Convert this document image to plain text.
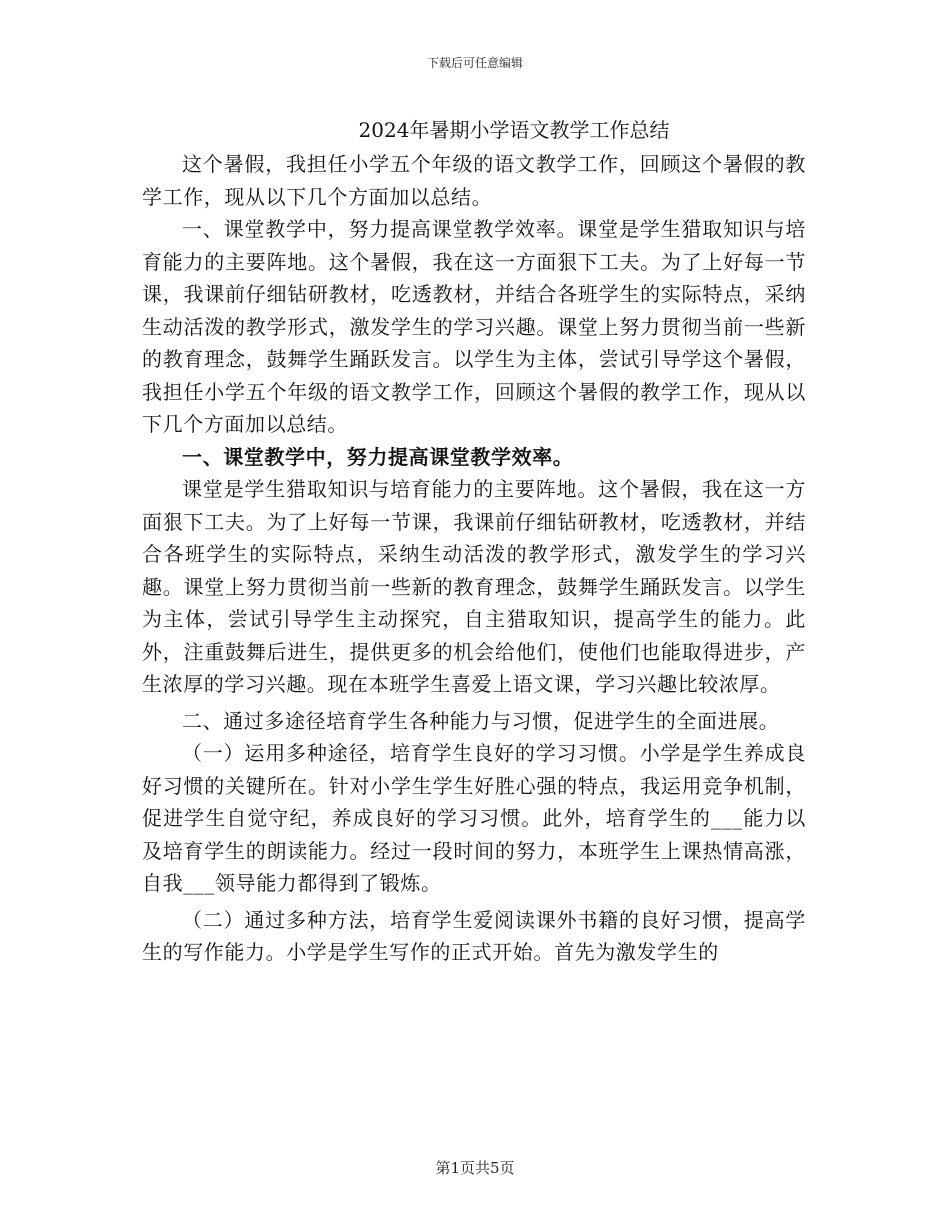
下载后可任意编辑
2024年暑期小学语文教学工作总结

这个暑假，我担任小学五个年级的语文教学工作，回顾这个暑假的教学工作，现从以下几个方面加以总结。

一、课堂教学中，努力提高课堂教学效率。课堂是学生猎取知识与培育能力的主要阵地。这个暑假，我在这一方面狠下工夫。为了上好每一节课，我课前仔细钻研教材，吃透教材，并结合各班学生的实际特点，采纳生动活泼的教学形式，激发学生的学习兴趣。课堂上努力贯彻当前一些新的教育理念，鼓舞学生踊跃发言。以学生为主体，尝试引导学这个暑假，我担任小学五个年级的语文教学工作，回顾这个暑假的教学工作，现从以下几个方面加以总结。

一、课堂教学中，努力提高课堂教学效率。

课堂是学生猎取知识与培育能力的主要阵地。这个暑假，我在这一方面狠下工夫。为了上好每一节课，我课前仔细钻研教材，吃透教材，并结合各班学生的实际特点，采纳生动活泼的教学形式，激发学生的学习兴趣。课堂上努力贯彻当前一些新的教育理念，鼓舞学生踊跃发言。以学生为主体，尝试引导学生主动探究，自主猎取知识，提高学生的能力。此外，注重鼓舞后进生，提供更多的机会给他们，使他们也能取得进步，产生浓厚的学习兴趣。现在本班学生喜爱上语文课，学习兴趣比较浓厚。

二、通过多途径培育学生各种能力与习惯，促进学生的全面进展。

（一）运用多种途径，培育学生良好的学习习惯。小学是学生养成良好习惯的关键所在。针对小学生学生好胜心强的特点，我运用竞争机制，促进学生自觉守纪，养成良好的学习习惯。此外，培育学生的___能力以及培育学生的朗读能力。经过一段时间的努力，本班学生上课热情高涨，自我___领导能力都得到了锻炼。

（二）通过多种方法，培育学生爱阅读课外书籍的良好习惯，提高学生的写作能力。小学是学生写作的正式开始。首先为激发学生的

第1页共5页
